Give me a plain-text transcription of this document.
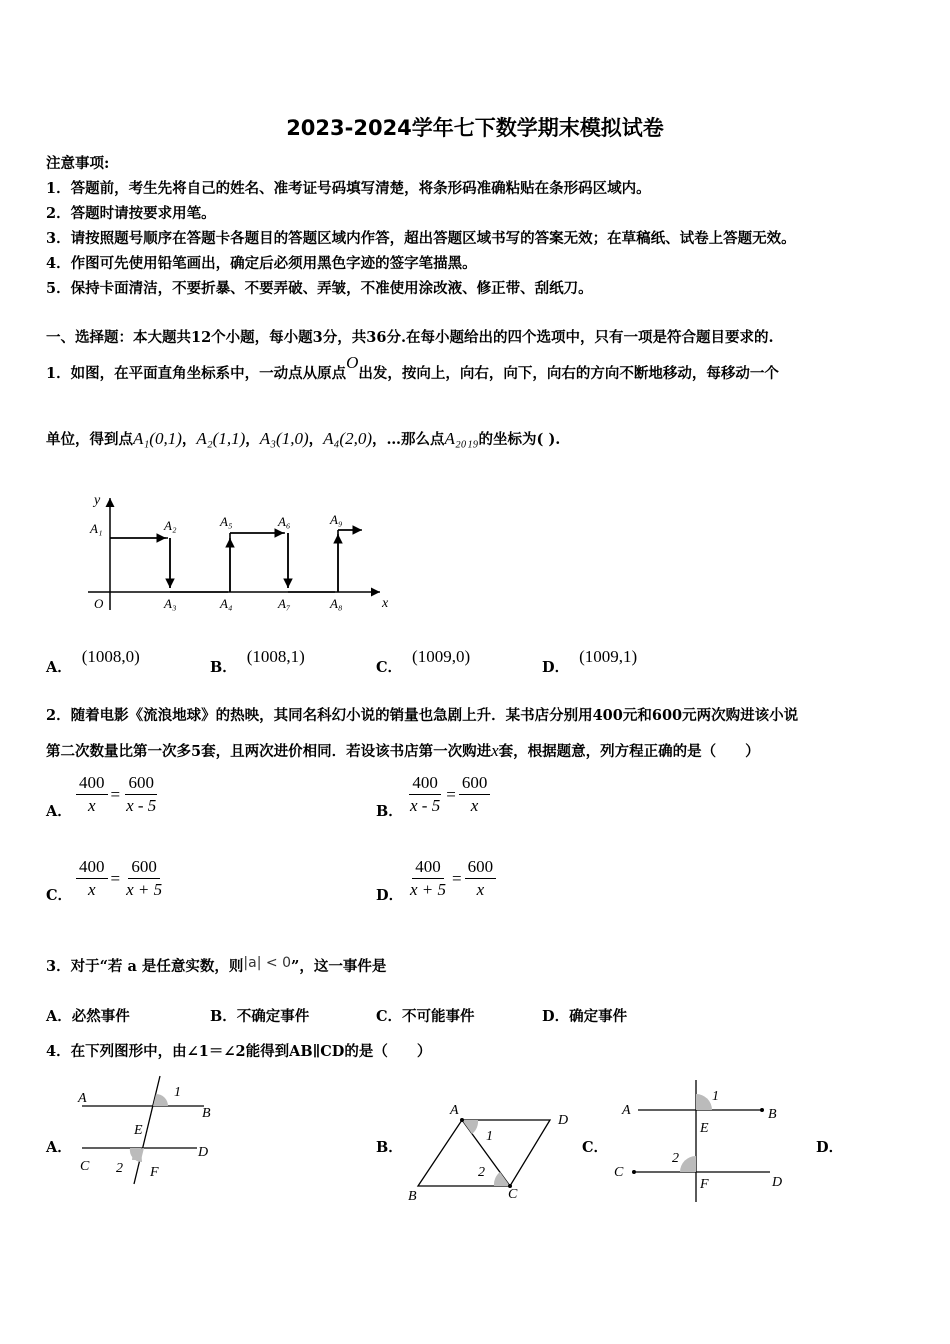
2023-2024学年七下数学期末模拟试卷
注意事项:
1．答题前，考生先将自己的姓名、准考证号码填写清楚，将条形码准确粘贴在条形码区域内。
2．答题时请按要求用笔。
3．请按照题号顺序在答题卡各题目的答题区域内作答，超出答题区域书写的答案无效；在草稿纸、试卷上答题无效。
4．作图可先使用铅笔画出，确定后必须用黑色字迹的签字笔描黑。
5．保持卡面清洁，不要折暴、不要弄破、弄皱，不准使用涂改液、修正带、刮纸刀。
一、选择题：本大题共12个小题，每小题3分，共36分.在每小题给出的四个选项中，只有一项是符合题目要求的.
1．如图，在平面直角坐标系中，一动点从原点O出发，按向上，向右，向下，向右的方向不断地移动，每移动一个
单位，得到点A₁(0,1)，A₂(1,1)，A₃(1,0)，A₄(2,0)，…那么点A₂₀₁₉的坐标为( ).
y
x
O
A₁	A₂
A₃	A₄
A₅	A₆
A₇	A₈
A₉
A．(1008,0)
B．(1008,1)
C．(1009,0)
D．(1009,1)
2．随着电影《流浪地球》的热映，其同名科幻小说的销量也急剧上升．某书店分别用400元和600元两次购进该小说
第二次数量比第一次多5套，且两次进价相同．若设该书店第一次购进x套，根据题意，列方程正确的是（　　）
A． $\frac{400}{x} = \frac{600}{x - 5}$	B． $\frac{400}{x - 5} = \frac{600}{x}$
C． $\frac{400}{x} = \frac{600}{x + 5}$	D． $\frac{400}{x + 5} = \frac{600}{x}$
3．对于“若 a 是任意实数，则|a| < 0”，这一事件是
A．必然事件	B．不确定事件	C．不可能事件	D．确定事件
4．在下列图形中，由∠1＝∠2能得到AB∥CD的是（　　）
A．	B．	C．	D．
A
B
C
D
E
F
1
2
A
D
B	C
1
2
A	B
E
C
D
F
1
2
